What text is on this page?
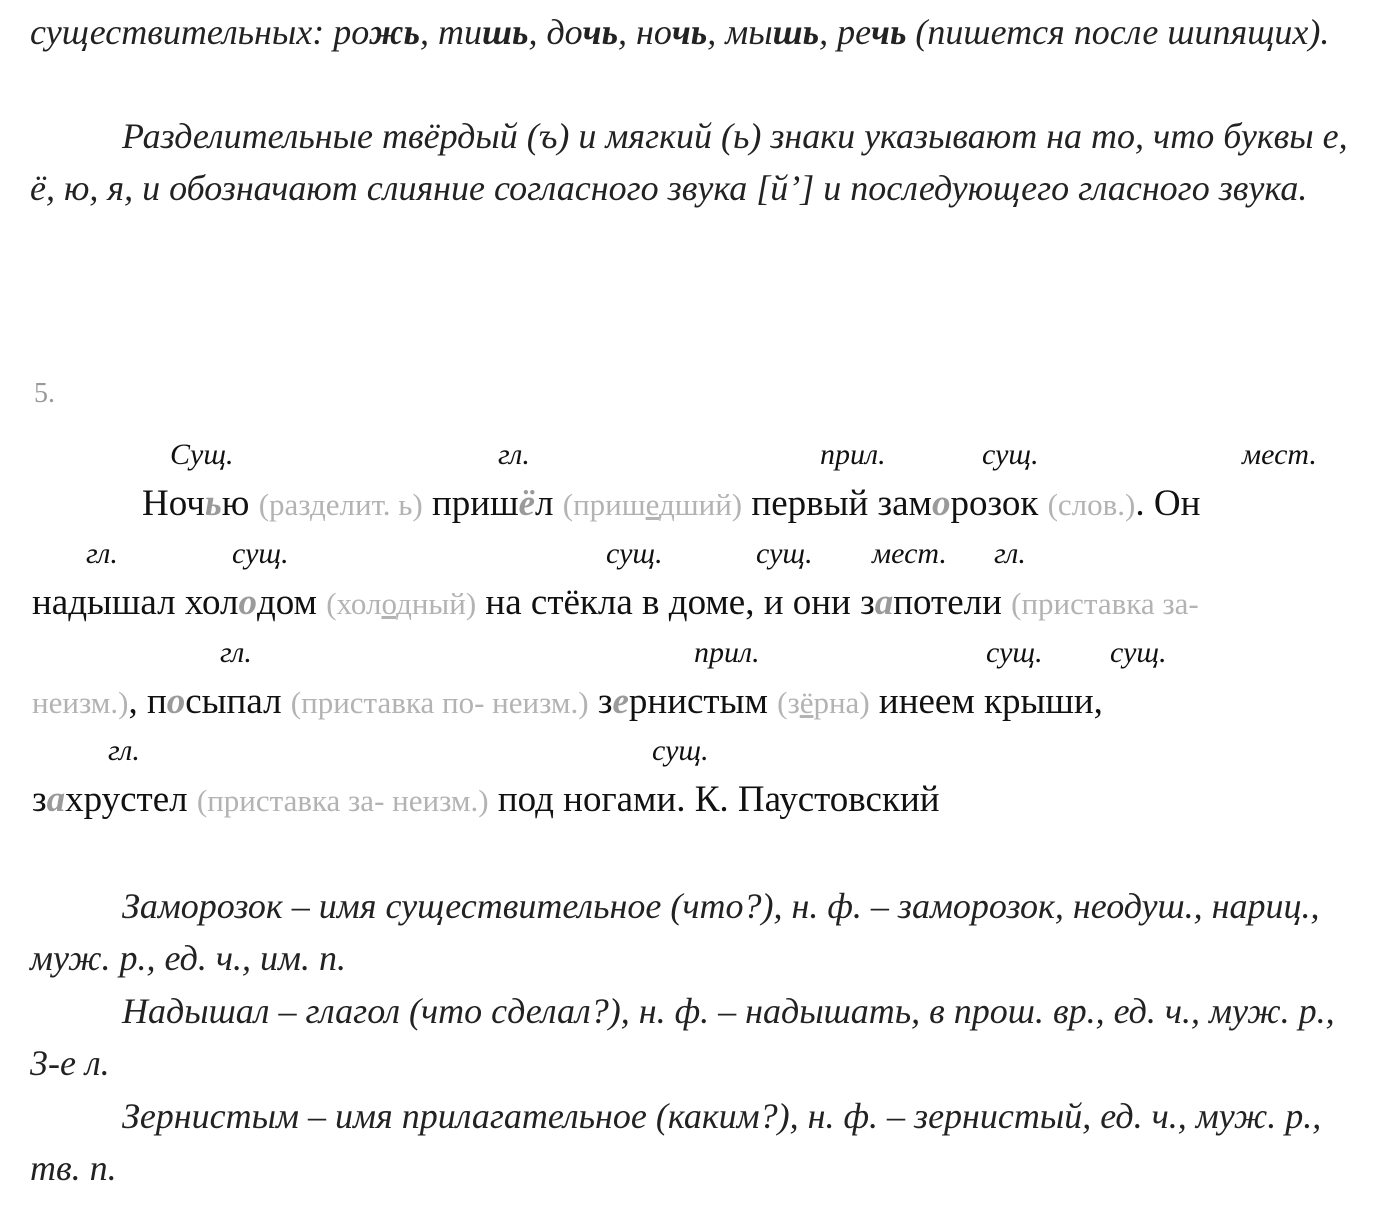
существительных: рожь, тишь, дочь, ночь, мышь, речь (пишется после шипящих).

Разделительные твёрдый (ъ) и мягкий (ь) знаки указывают на то, что буквы е, ё, ю, я, и обозначают слияние согласного звука [й’] и последующего гласного звука.

5.
Сущ.	гл.	прил.	сущ.	мест.
Ночью (разделит. ь) пришёл (пришедший) первый заморозок (слов.). Он
гл.	сущ.	сущ.	сущ. мест. гл.
надышал холодом (холодный) на стёкла в доме, и они запотели (приставка за-
гл.	прил.	сущ. сущ.
неизм.), посыпал (приставка по- неизм.) зернистым (зёрна) инеем крыши,
гл.	сущ.
захрустел (приставка за- неизм.) под ногами. К. Паустовский

Заморозок – имя существительное (что?), н. ф. – заморозок, неодуш., нариц., муж. р., ед. ч., им. п.

Надышал – глагол (что сделал?), н. ф. – надышать, в прош. вр., ед. ч., муж. р., 3-е л.

Зернистым – имя прилагательное (каким?), н. ф. – зернистый, ед. ч., муж. р., тв. п.
